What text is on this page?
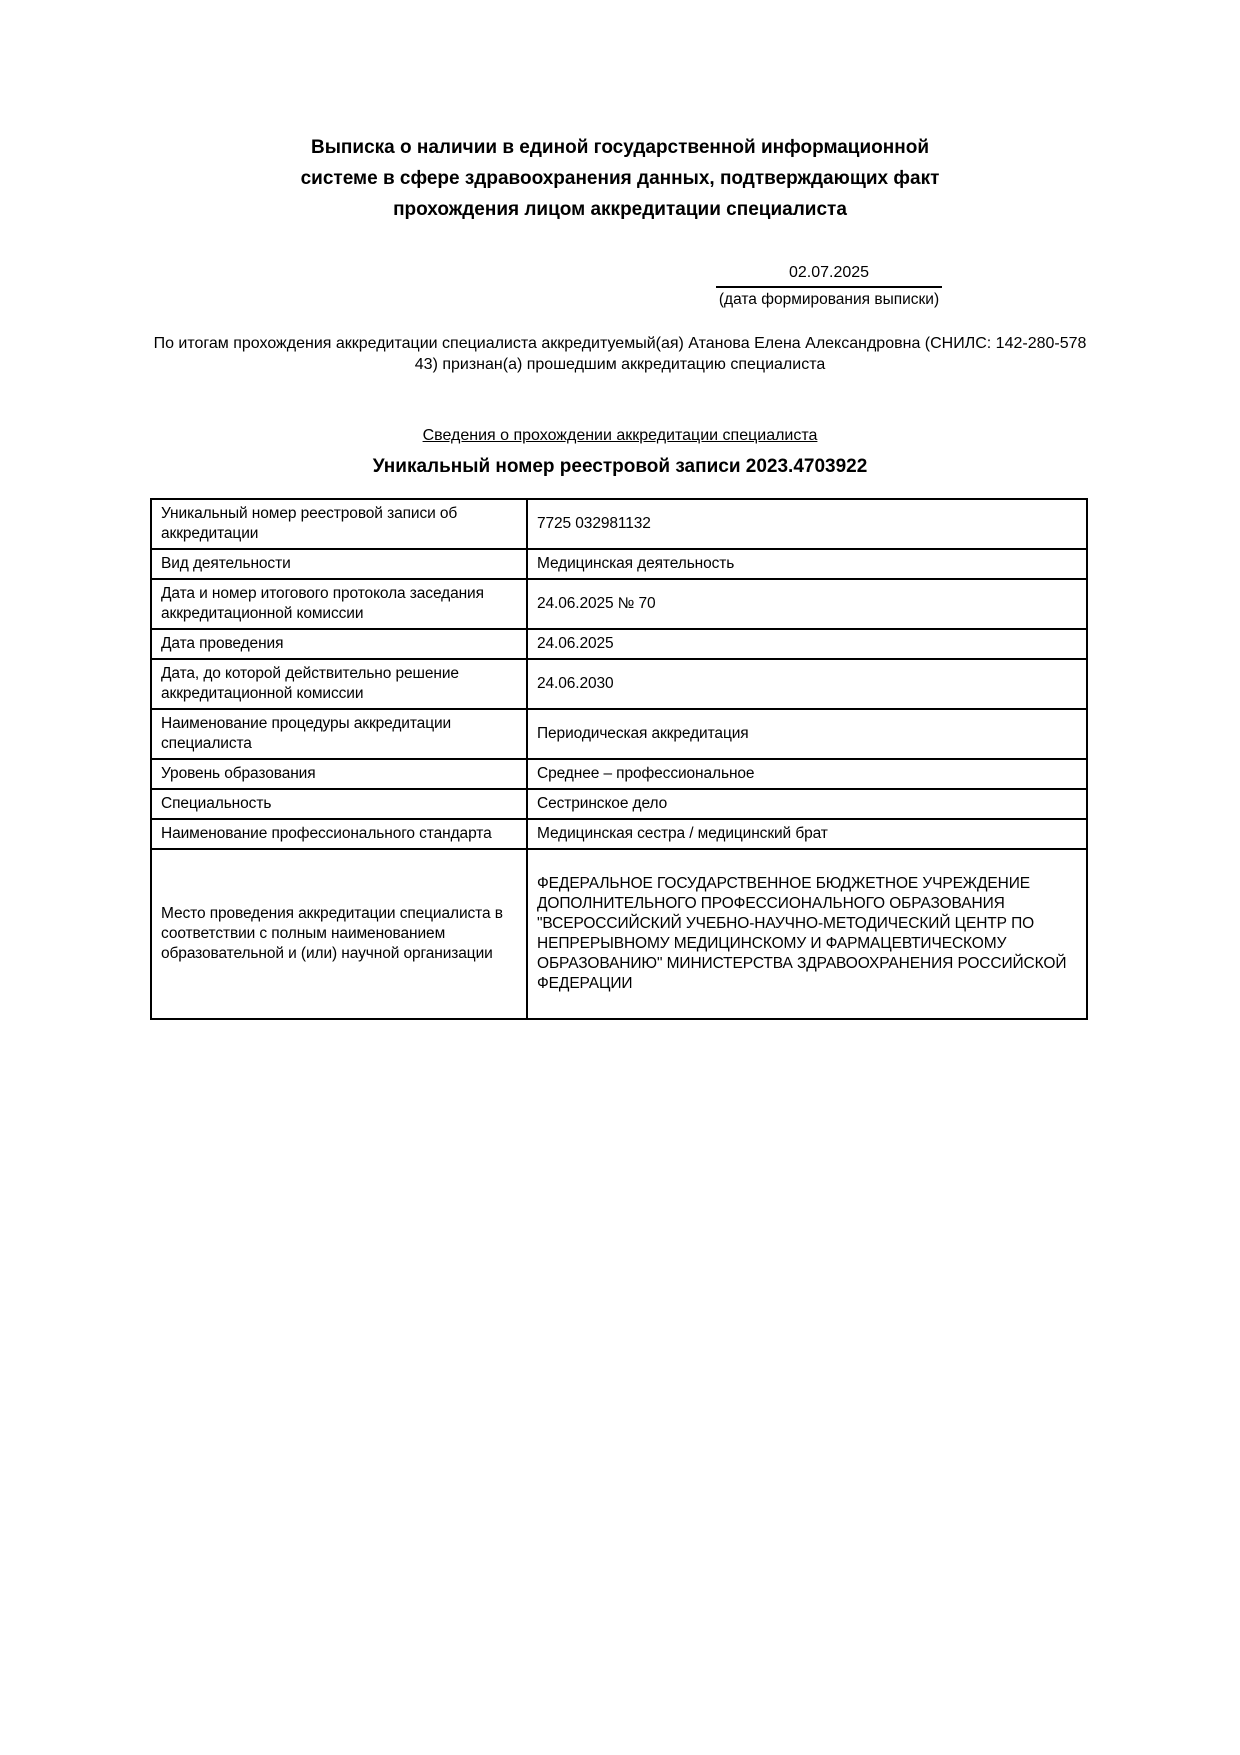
Выписка о наличии в единой государственной информационной
системе в сфере здравоохранения данных, подтверждающих факт
прохождения лицом аккредитации специалиста
02.07.2025
(дата формирования выписки)

По итогам прохождения аккредитации специалиста аккредитуемый(ая) Атанова Елена Александровна (СНИЛС: 142-280-578
43) признан(а) прошедшим аккредитацию специалиста

Сведения о прохождении аккредитации специалиста
Уникальный номер реестровой записи 2023.4703922
Уникальный номер реестровой записи об аккредитации	7725 032981132
Вид деятельности	Медицинская деятельность
Дата и номер итогового протокола заседания аккредитационной комиссии	24.06.2025 № 70
Дата проведения	24.06.2025
Дата, до которой действительно решение аккредитационной комиссии	24.06.2030
Наименование процедуры аккредитации специалиста	Периодическая аккредитация
Уровень образования	Среднее – профессиональное
Специальность	Сестринское дело
Наименование профессионального стандарта	Медицинская сестра / медицинский брат
Место проведения аккредитации специалиста в соответствии с полным наименованием образовательной и (или) научной организации	ФЕДЕРАЛЬНОЕ ГОСУДАРСТВЕННОЕ БЮДЖЕТНОЕ УЧРЕЖДЕНИЕ ДОПОЛНИТЕЛЬНОГО ПРОФЕССИОНАЛЬНОГО ОБРАЗОВАНИЯ "ВСЕРОССИЙСКИЙ УЧЕБНО-НАУЧНО-МЕТОДИЧЕСКИЙ ЦЕНТР ПО НЕПРЕРЫВНОМУ МЕДИЦИНСКОМУ И ФАРМАЦЕВТИЧЕСКОМУ ОБРАЗОВАНИЮ" МИНИСТЕРСТВА ЗДРАВООХРАНЕНИЯ РОССИЙСКОЙ ФЕДЕРАЦИИ
